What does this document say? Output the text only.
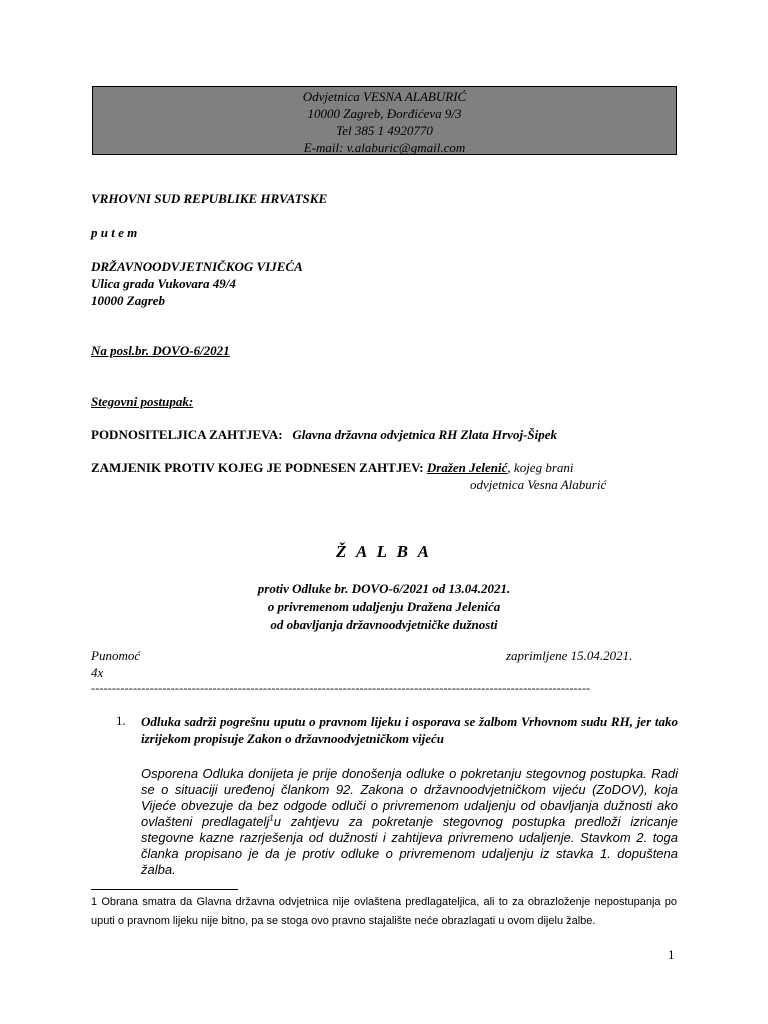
Odvjetnica VESNA ALABURIĆ
10000 Zagreb, Đorđićeva 9/3
Tel 385 1 4920770
E-mail: v.alaburic@gmail.com
VRHOVNI SUD REPUBLIKE HRVATSKE
p u t e m
DRŽAVNOODVJETNIČKOG VIJEĆA
Ulica grada Vukovara 49/4
10000 Zagreb
Na posl.br. DOVO-6/2021
Stegovni postupak:
PODNOSITELJICA ZAHTJEVA: Glavna državna odvjetnica RH Zlata Hrvoj-Šipek
ZAMJENIK PROTIV KOJEG JE PODNESEN ZAHTJEV: Dražen Jelenić, kojeg brani
odvjetnica Vesna Alaburić
Ž A L B A
protiv Odluke br. DOVO-6/2021 od 13.04.2021.
o privremenom udaljenju Dražena Jelenića
od obavljanja državnoodvjetničke dužnosti
Punomoć	zaprimljene 15.04.2021.
4x
-----------------------------------------------------------------------------------------------------------------------
1. Odluka sadrži pogrešnu uputu o pravnom lijeku i osporava se žalbom Vrhovnom sudu RH, jer tako izrijekom propisuje Zakon o državnoodvjetničkom vijeću
Osporena Odluka donijeta je prije donošenja odluke o pokretanju stegovnog postupka. Radi se o situaciji uređenoj člankom 92. Zakona o državnoodvjetničkom vijeću (ZoDOV), koja Vijeće obvezuje da bez odgode odluči o privremenom udaljenju od obavljanja dužnosti ako ovlašteni predlagatelj$^1$u zahtjevu za pokretanje stegovnog postupka predloži izricanje stegovne kazne razrješenja od dužnosti i zahtijeva privremeno udaljenje. Stavkom 2. toga članka propisano je da je protiv odluke o privremenom udaljenju iz stavka 1. dopuštena žalba.
1 Obrana smatra da Glavna državna odvjetnica nije ovlaštena predlagateljica, ali to za obrazloženje nepostupanja po uputi o pravnom lijeku nije bitno, pa se stoga ovo pravno stajalište neće obrazlagati u ovom dijelu žalbe.
1
